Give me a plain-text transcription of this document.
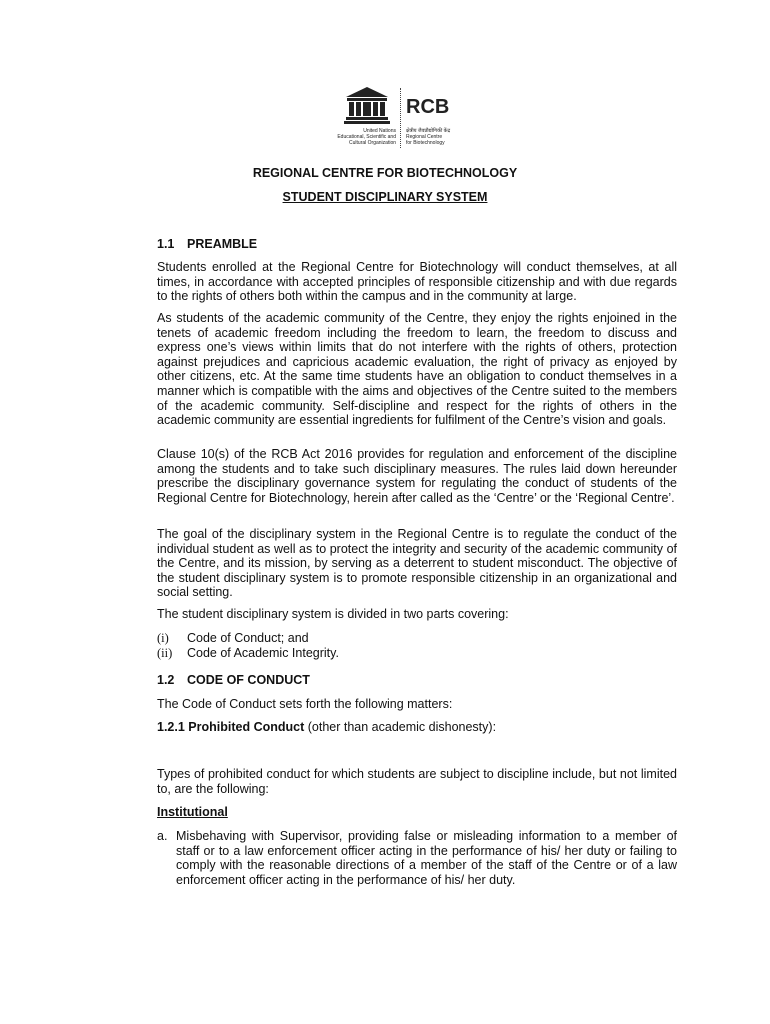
United Nations
Educational, Scientific and
Cultural Organization
RCB
क्षेत्रीय जैवप्रौद्योगिकी केंद्र
Regional Centre
for Biotechnology
REGIONAL CENTRE FOR BIOTECHNOLOGY
STUDENT DISCIPLINARY SYSTEM
1.1 PREAMBLE

Students enrolled at the Regional Centre for Biotechnology will conduct themselves, at all times, in accordance with accepted principles of responsible citizenship and with due regards to the rights of others both within the campus and in the community at large.

As students of the academic community of the Centre, they enjoy the rights enjoined in the tenets of academic freedom including the freedom to learn, the freedom to discuss and express one’s views within limits that do not interfere with the rights of others, protection against prejudices and capricious academic evaluation, the right of privacy as enjoyed by other citizens, etc. At the same time students have an obligation to conduct themselves in a manner which is compatible with the aims and objectives of the Centre suited to the members of the academic community. Self-discipline and respect for the rights of others in the academic community are essential ingredients for fulfilment of the Centre’s vision and goals.

Clause 10(s) of the RCB Act 2016 provides for regulation and enforcement of the discipline among the students and to take such disciplinary measures. The rules laid down hereunder prescribe the disciplinary governance system for regulating the conduct of students of the Regional Centre for Biotechnology, herein after called as the ‘Centre’ or the ‘Regional Centre’.

The goal of the disciplinary system in the Regional Centre is to regulate the conduct of the individual student as well as to protect the integrity and security of the academic community of the Centre, and its mission, by serving as a deterrent to student misconduct. The objective of the student disciplinary system is to promote responsible citizenship in an organizational and social setting.

The student disciplinary system is divided in two parts covering:
(i) Code of Conduct; and
(ii) Code of Academic Integrity.
1.2 CODE OF CONDUCT
The Code of Conduct sets forth the following matters:
1.2.1 Prohibited Conduct (other than academic dishonesty):

Types of prohibited conduct for which students are subject to discipline include, but not limited to, are the following:

Institutional
a. Misbehaving with Supervisor, providing false or misleading information to a member of staff or to a law enforcement officer acting in the performance of his/ her duty or failing to comply with the reasonable directions of a member of the staff of the Centre or of a law enforcement officer acting in the performance of his/ her duty.
